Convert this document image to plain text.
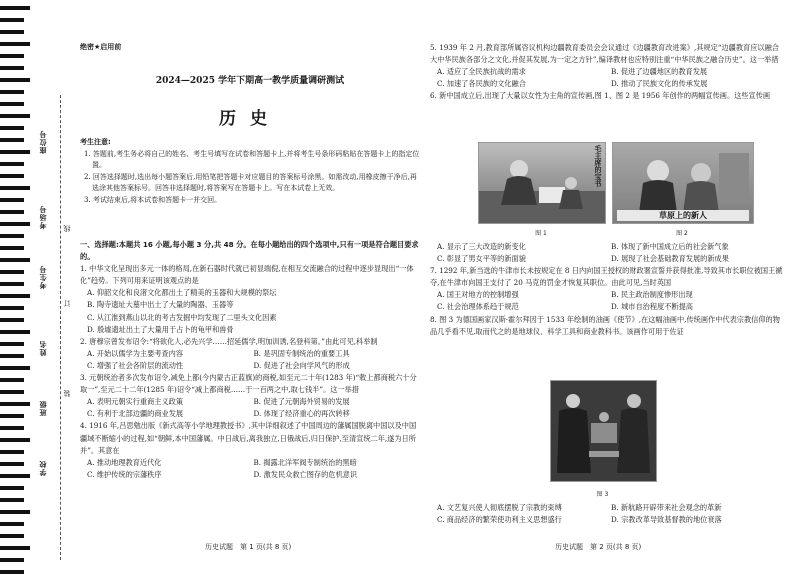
座位号
考场号
考生号
姓名
班级
学校
线
订
装
绝密★启用前
2024—2025 学年下期高一教学质量调研测试
历史
考生注意:
1. 答题前,考生务必将自己的姓名、考生号填写在试卷和答题卡上,并将考生号条形码粘贴在答题卡上的指定位置。
2. 回答选择题时,选出每小题答案后,用铅笔把答题卡对应题目的答案标号涂黑。如需改动,用橡皮擦干净后,再选涂其他答案标号。回答非选择题时,将答案写在答题卡上。写在本试卷上无效。
3. 考试结束后,将本试卷和答题卡一并交回。
一、选择题:本题共 16 小题,每小题 3 分,共 48 分。在每小题给出的四个选项中,只有一项是符合题目要求的。
1. 中华文化呈现出多元一体的格局,在新石器时代就已初显端倪,在相互交流融合的过程中逐步显现出“一体化”趋势。下列可用来证明该观点的是
A. 仰韶文化和良渚文化都出土了精美的玉器和大规模的祭坛
B. 陶寺遗址大墓中出土了大量的陶器、玉器等
C. 从江淮到燕山以北的考古发掘中均发现了二里头文化因素
D. 殷墟遗址出土了大量用于占卜的龟甲和兽骨
2. 唐穆宗曾发布诏令:“将欲化人,必先兴学……招延儒学,明加训诱,名登科第。”由此可见,科举制
A. 开始以儒学为主要考查内容	B. 是巩固专制统治的重要工具
C. 增强了社会各阶层的流动性	D. 促进了社会向学风气的形成
3. 元朝统治者多次发布诏令,减免上都(今内蒙古正蓝旗)的商税,如至元二十年(1283 年)“敕上都商税六十分取一”,至元二十二年(1285 年)诏令“减上都商税……于一百两之中,取七钱半”。这一举措
A. 表明元朝实行重商主义政策	B. 促进了元朝海外贸易的发展
C. 有利于北部边疆的商业发展	D. 体现了经济重心的再次转移
4. 1916 年,吕思勉出版《新式高等小学地理教授书》,其中详细叙述了中国周边的藩属国脱离中国以及中国疆域不断缩小的过程,如“朝鲜,本中国藩属。中日战后,离我独立,日俄战后,归日保护,至清宣统二年,遂为日所并”。其意在
A. 推动地理教育近代化	B. 揭露北洋军阀专制统治的黑暗
C. 维护传统的宗藩秩序	D. 激发民众救亡图存的危机意识
5. 1939 年 2 月,教育部所属咨议机构边疆教育委员会会议通过《边疆教育改进案》,其规定“边疆教育应以融合大中华民族各部分之文化,并促其发展,为一定之方针”,编译教材也应特别注重“中华民族之融合历史”。这一举措
A. 适应了全民族抗战的需求	B. 促进了边疆地区的教育发展
C. 加速了各民族的文化融合	D. 推动了民族文化的传承发展
6. 新中国成立后,出现了大量以女性为主角的宣传画,图 1、图 2 是 1956 年创作的两幅宣传画。这些宣传画
毛主席的宝书
图 1
草原上的新人
图 2
A. 显示了三大改造的新变化	B. 体现了新中国成立后的社会新气象
C. 彰显了男女平等的新面貌	D. 展现了社会基础教育发展的新成果
7. 1292 年,新当选的牛津市长未按规定在 8 日内向国王授权的财政署宣誓并获得批准,导致其市长职位被国王褫夺,在牛津市向国王支付了 20 马克的罚金才恢复其职位。由此可见,当时英国
A. 国王对地方的控制增强	B. 民主政治制度惨形出现
C. 社会治理体系趋于规范	D. 城市自治程度不断提高
8. 图 3 为德国画家汉斯·霍尔拜因于 1533 年绘制的油画《使节》,在这幅油画中,传统画作中代表宗教信仰的物品几乎看不见,取而代之的是地球仪、科学工具和商业教科书。该画作可用于佐证
图 3
A. 文艺复兴使人彻底摆脱了宗教的束缚	B. 新航路开辟带来社会观念的革新
C. 商品经济的繁荣使功利主义思想盛行	D. 宗教改革导致基督教的地位衰落
历史试题　第 1 页(共 8 页)	历史试题　第 2 页(共 8 页)
